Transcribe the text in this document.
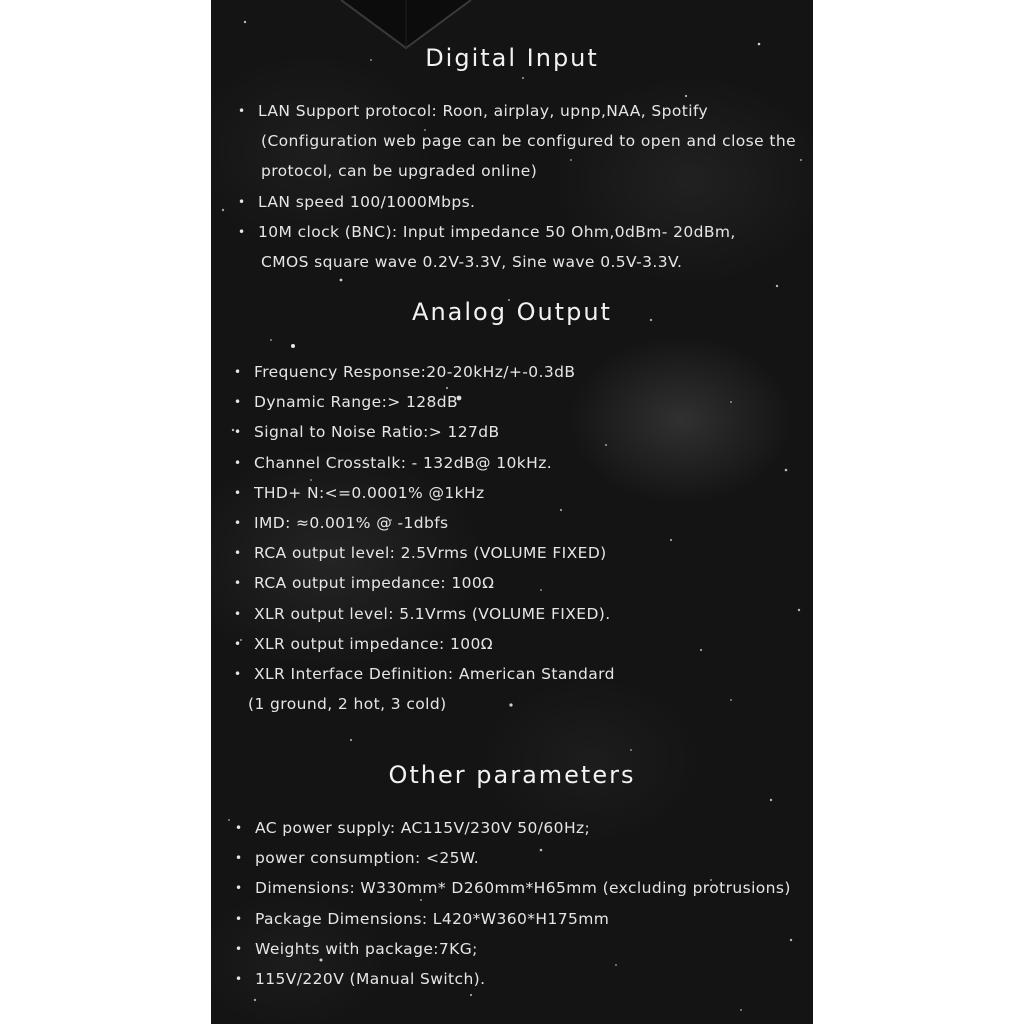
Digital Input
• LAN Support protocol: Roon, airplay, upnp,NAA, Spotify
(Configuration web page can be configured to open and close the
protocol, can be upgraded online)
• LAN speed 100/1000Mbps.
• 10M clock (BNC): Input impedance 50 Ohm,0dBm- 20dBm,
CMOS square wave 0.2V-3.3V, Sine wave 0.5V-3.3V.
Analog Output
• Frequency Response:20-20kHz/+-0.3dB
• Dynamic Range:> 128dB
• Signal to Noise Ratio:> 127dB
• Channel Crosstalk: - 132dB@ 10kHz.
• THD+ N:<=0.0001% @1kHz
• IMD: ≈0.001% @ -1dbfs
• RCA output level: 2.5Vrms (VOLUME FIXED)
• RCA output impedance: 100Ω
• XLR output level: 5.1Vrms (VOLUME FIXED).
• XLR output impedance: 100Ω
• XLR Interface Definition: American Standard
(1 ground, 2 hot, 3 cold)
Other parameters
• AC power supply: AC115V/230V 50/60Hz;
• power consumption: <25W.
• Dimensions: W330mm* D260mm*H65mm (excluding protrusions)
• Package Dimensions: L420*W360*H175mm
• Weights with package:7KG;
• 115V/220V (Manual Switch).
